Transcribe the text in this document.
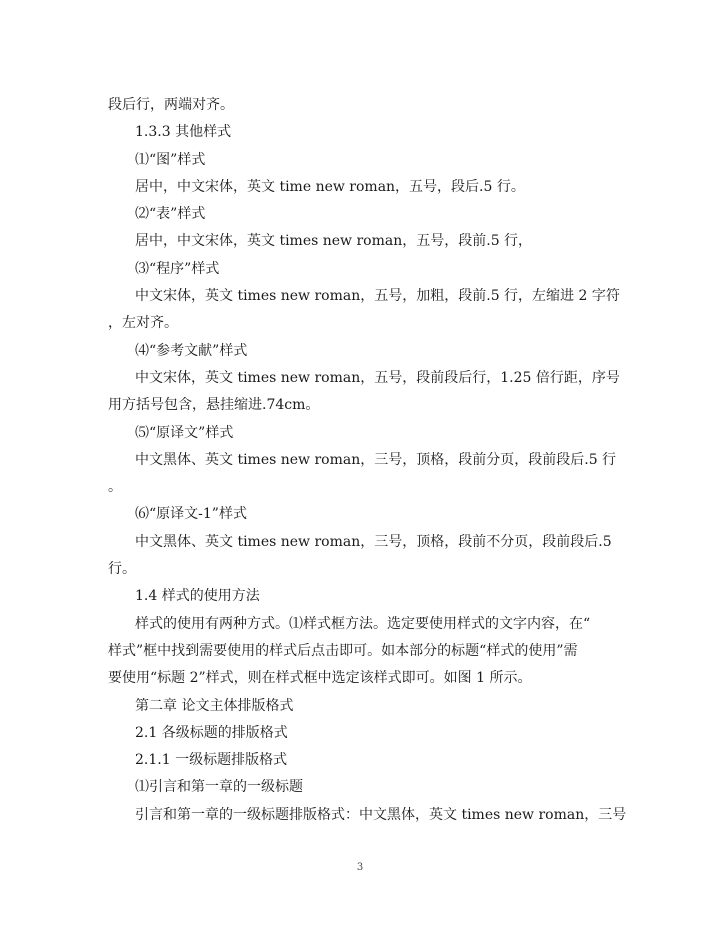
段后行，两端对齐。
1.3.3 其他样式
⑴“图”样式
居中，中文宋体，英文 time new roman，五号，段后.5 行。
⑵“表”样式
居中，中文宋体，英文 times new roman，五号，段前.5 行，
⑶“程序”样式
中文宋体，英文 times new roman，五号，加粗，段前.5 行，左缩进 2 字符
，左对齐。
⑷“参考文献”样式
中文宋体，英文 times new roman，五号，段前段后行，1.25 倍行距，序号
用方括号包含，悬挂缩进.74cm。
⑸“原译文”样式
中文黑体、英文 times new roman，三号，顶格，段前分页，段前段后.5 行
。
⑹“原译文-1”样式
中文黑体、英文 times new roman，三号，顶格，段前不分页，段前段后.5
行。
1.4 样式的使用方法
样式的使用有两种方式。⑴样式框方法。选定要使用样式的文字内容，在“
样式”框中找到需要使用的样式后点击即可。如本部分的标题“样式的使用”需
要使用“标题 2”样式，则在样式框中选定该样式即可。如图 1 所示。
第二章 论文主体排版格式
2.1 各级标题的排版格式
2.1.1 一级标题排版格式
⑴引言和第一章的一级标题
引言和第一章的一级标题排版格式：中文黑体，英文 times new roman，三号
3
